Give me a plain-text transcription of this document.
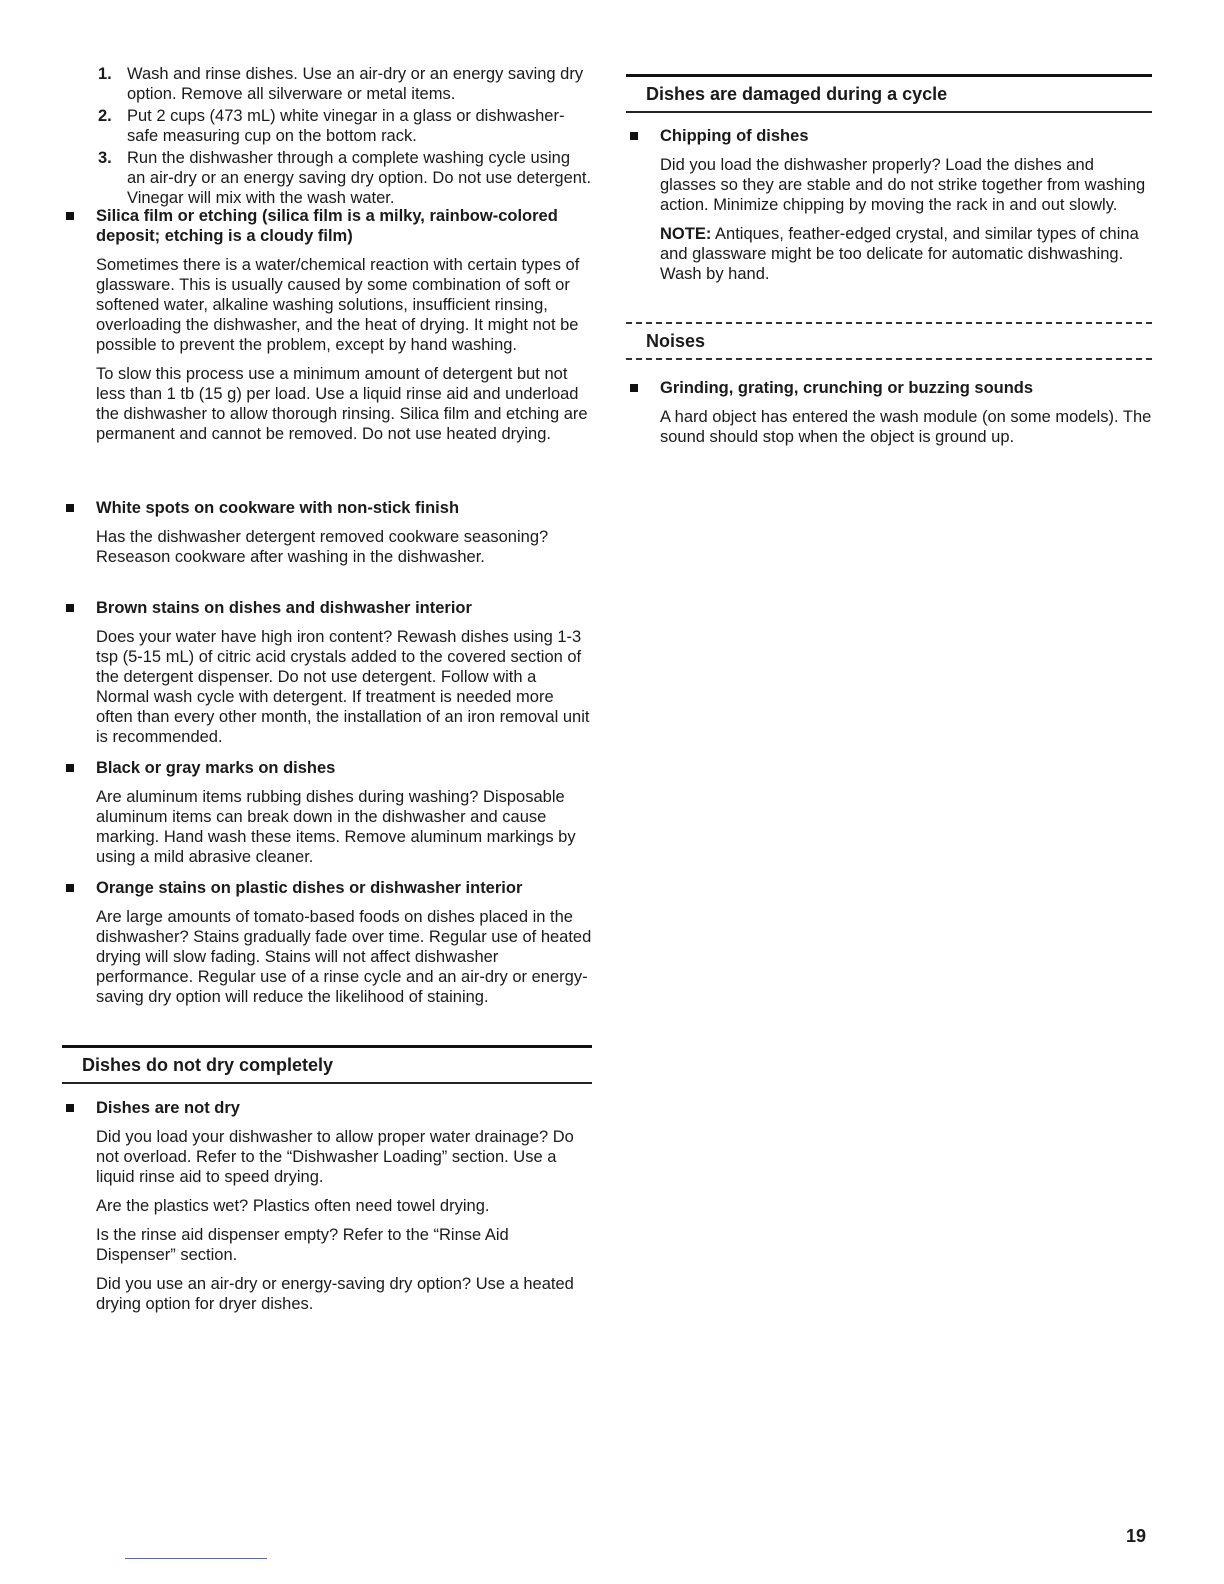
1. Wash and rinse dishes. Use an air-dry or an energy saving dry option. Remove all silverware or metal items.
2. Put 2 cups (473 mL) white vinegar in a glass or dishwasher-safe measuring cup on the bottom rack.
3. Run the dishwasher through a complete washing cycle using an air-dry or an energy saving dry option. Do not use detergent. Vinegar will mix with the wash water.
Silica film or etching (silica film is a milky, rainbow-colored deposit; etching is a cloudy film)

Sometimes there is a water/chemical reaction with certain types of glassware. This is usually caused by some combination of soft or softened water, alkaline washing solutions, insufficient rinsing, overloading the dishwasher, and the heat of drying. It might not be possible to prevent the problem, except by hand washing.

To slow this process use a minimum amount of detergent but not less than 1 tb (15 g) per load. Use a liquid rinse aid and underload the dishwasher to allow thorough rinsing. Silica film and etching are permanent and cannot be removed. Do not use heated drying.

White spots on cookware with non-stick finish

Has the dishwasher detergent removed cookware seasoning? Reseason cookware after washing in the dishwasher.

Brown stains on dishes and dishwasher interior

Does your water have high iron content? Rewash dishes using 1-3 tsp (5-15 mL) of citric acid crystals added to the covered section of the detergent dispenser. Do not use detergent. Follow with a Normal wash cycle with detergent. If treatment is needed more often than every other month, the installation of an iron removal unit is recommended.

Black or gray marks on dishes

Are aluminum items rubbing dishes during washing? Disposable aluminum items can break down in the dishwasher and cause marking. Hand wash these items. Remove aluminum markings by using a mild abrasive cleaner.

Orange stains on plastic dishes or dishwasher interior

Are large amounts of tomato-based foods on dishes placed in the dishwasher? Stains gradually fade over time. Regular use of heated drying will slow fading. Stains will not affect dishwasher performance. Regular use of a rinse cycle and an air-dry or energy-saving dry option will reduce the likelihood of staining.

Dishes do not dry completely
Dishes are not dry

Did you load your dishwasher to allow proper water drainage? Do not overload. Refer to the “Dishwasher Loading” section. Use a liquid rinse aid to speed drying.

Are the plastics wet? Plastics often need towel drying.

Is the rinse aid dispenser empty? Refer to the “Rinse Aid Dispenser” section.

Did you use an air-dry or energy-saving dry option? Use a heated drying option for dryer dishes.

Dishes are damaged during a cycle
Chipping of dishes

Did you load the dishwasher properly? Load the dishes and glasses so they are stable and do not strike together from washing action. Minimize chipping by moving the rack in and out slowly.

NOTE: Antiques, feather-edged crystal, and similar types of china and glassware might be too delicate for automatic dishwashing. Wash by hand.

Noises
Grinding, grating, crunching or buzzing sounds

A hard object has entered the wash module (on some models). The sound should stop when the object is ground up.

19
